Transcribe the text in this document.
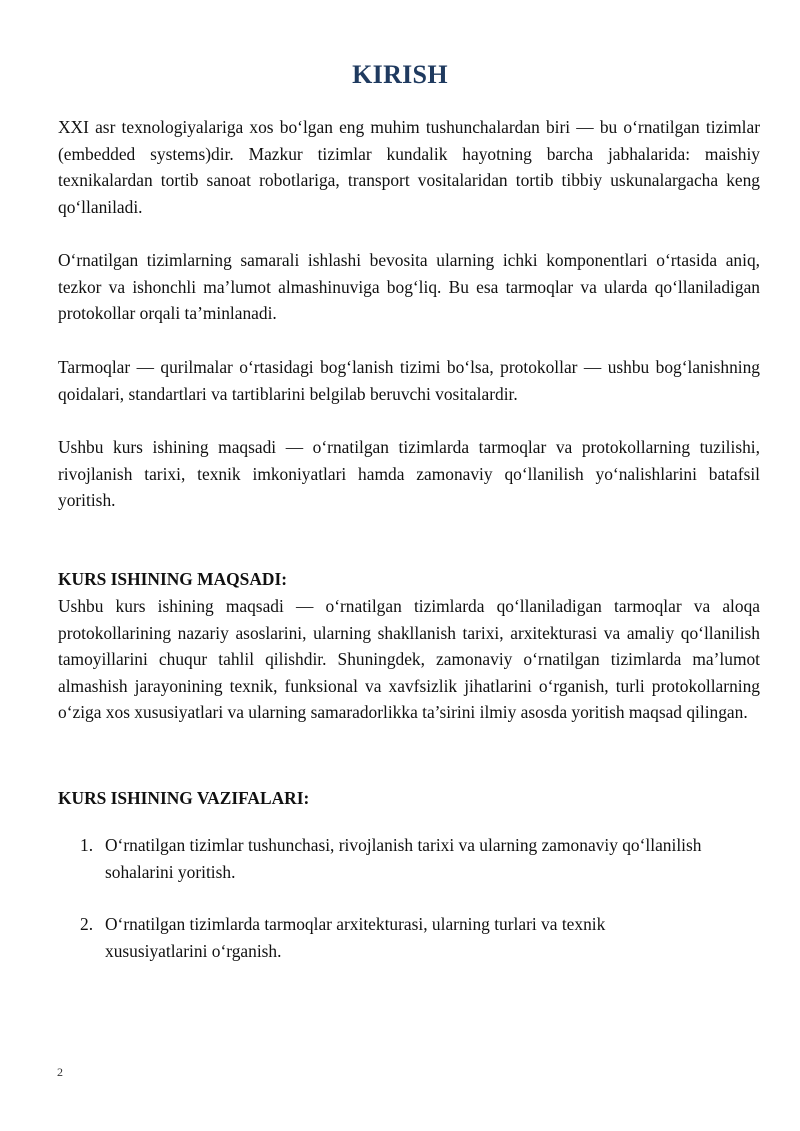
KIRISH

XXI asr texnologiyalariga xos bo‘lgan eng muhim tushunchalardan biri — bu o‘rnatilgan tizimlar (embedded systems)dir. Mazkur tizimlar kundalik hayotning barcha jabhalarida: maishiy texnikalardan tortib sanoat robotlariga, transport vositalaridan tortib tibbiy uskunalargacha keng qo‘llaniladi.

O‘rnatilgan tizimlarning samarali ishlashi bevosita ularning ichki komponentlari o‘rtasida aniq, tezkor va ishonchli ma’lumot almashinuviga bog‘liq. Bu esa tarmoqlar va ularda qo‘llaniladigan protokollar orqali ta’minlanadi.

Tarmoqlar — qurilmalar o‘rtasidagi bog‘lanish tizimi bo‘lsa, protokollar — ushbu bog‘lanishning qoidalari, standartlari va tartiblarini belgilab beruvchi vositalardir.

Ushbu kurs ishining maqsadi — o‘rnatilgan tizimlarda tarmoqlar va protokollarning tuzilishi, rivojlanish tarixi, texnik imkoniyatlari hamda zamonaviy qo‘llanilish yo‘nalishlarini batafsil yoritish.

KURS ISHINING MAQSADI:

Ushbu kurs ishining maqsadi — o‘rnatilgan tizimlarda qo‘llaniladigan tarmoqlar va aloqa protokollarining nazariy asoslarini, ularning shakllanish tarixi, arxitekturasi va amaliy qo‘llanilish tamoyillarini chuqur tahlil qilishdir. Shuningdek, zamonaviy o‘rnatilgan tizimlarda ma’lumot almashish jarayonining texnik, funksional va xavfsizlik jihatlarini o‘rganish, turli protokollarning o‘ziga xos xususiyatlari va ularning samaradorlikka ta’sirini ilmiy asosda yoritish maqsad qilingan.

KURS ISHINING VAZIFALARI:
1. O‘rnatilgan tizimlar tushunchasi, rivojlanish tarixi va ularning zamonaviy qo‘llanilish sohalarini yoritish.
2. O‘rnatilgan tizimlarda tarmoqlar arxitekturasi, ularning turlari va texnik xususiyatlarini o‘rganish.
2
